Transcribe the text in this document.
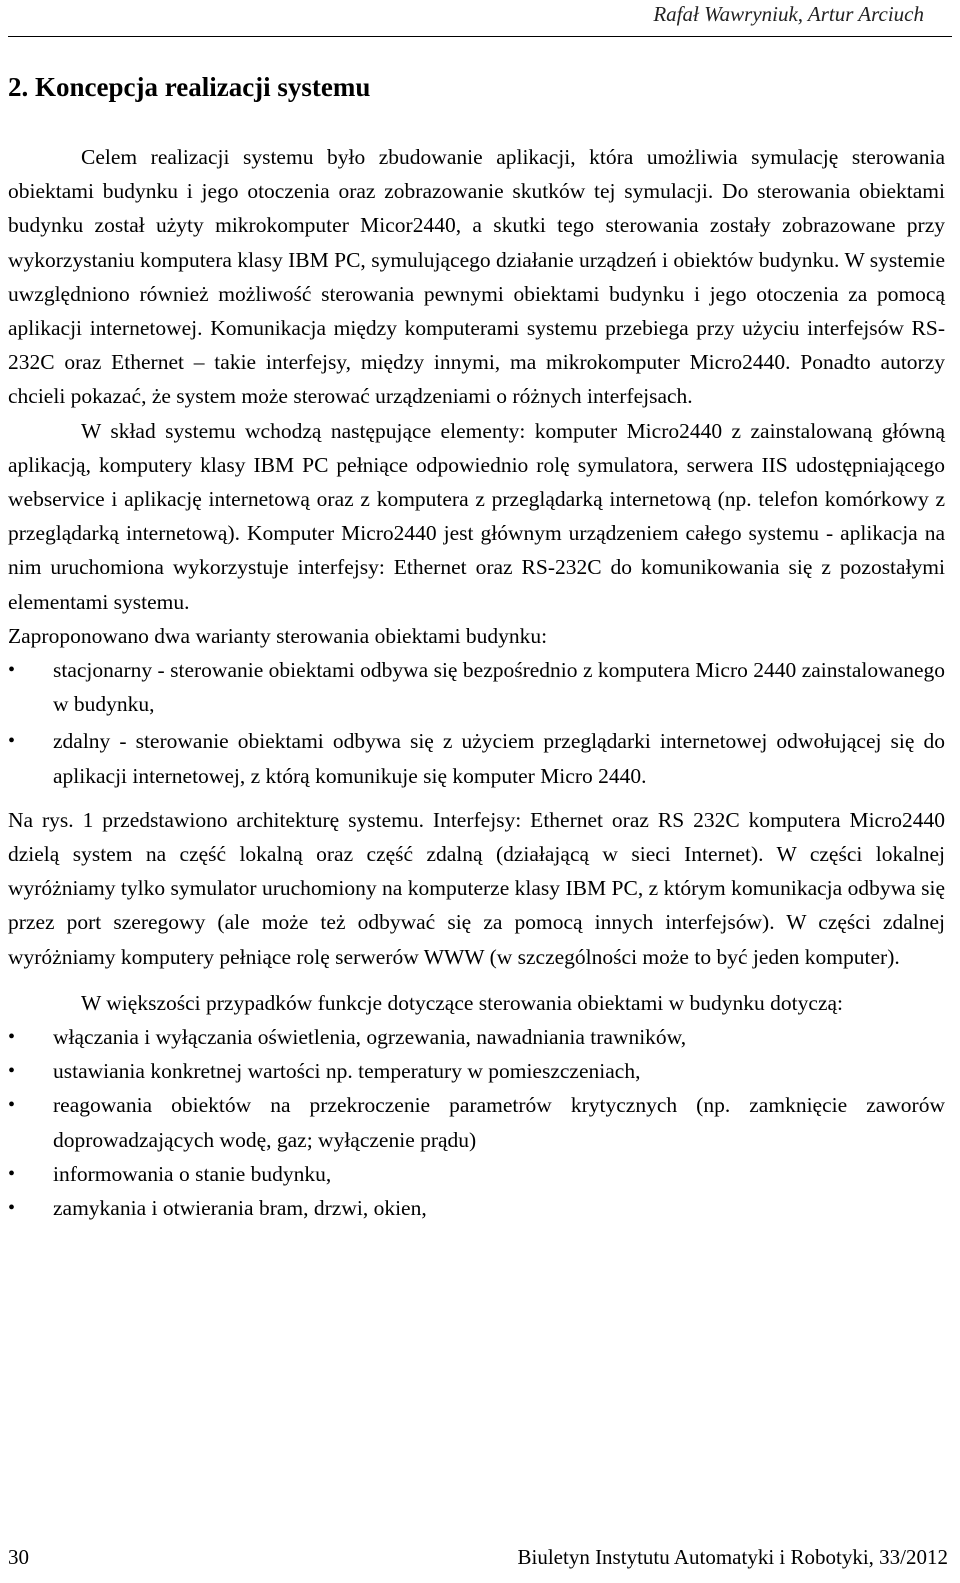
Rafał Wawryniuk, Artur Arciuch
2. Koncepcja realizacji systemu

Celem realizacji systemu było zbudowanie aplikacji, która umożliwia symulację sterowania obiektami budynku i jego otoczenia oraz zobrazowanie skutków tej symulacji. Do sterowania obiektami budynku został użyty mikrokomputer Micor2440, a skutki tego sterowania zostały zobrazowane przy wykorzystaniu komputera klasy IBM PC, symulującego działanie urządzeń i obiektów budynku. W systemie uwzględniono również możliwość sterowania pewnymi obiektami budynku i jego otoczenia za pomocą aplikacji internetowej. Komunikacja między komputerami systemu przebiega przy użyciu interfejsów RS-232C oraz Ethernet – takie interfejsy, między innymi, ma mikrokomputer Micro2440. Ponadto autorzy chcieli pokazać, że system może sterować urządzeniami o różnych interfejsach.

W skład systemu wchodzą następujące elementy: komputer Micro2440 z zainstalowaną główną aplikacją, komputery klasy IBM PC pełniące odpowiednio rolę symulatora, serwera IIS udostępniającego webservice i aplikację internetową oraz z komputera z przeglądarką internetową (np. telefon komórkowy z przeglądarką internetową). Komputer Micro2440 jest głównym urządzeniem całego systemu - aplikacja na nim uruchomiona wykorzystuje interfejsy: Ethernet oraz RS-232C do komunikowania się z pozostałymi elementami systemu.

Zaproponowano dwa warianty sterowania obiektami budynku:

• stacjonarny - sterowanie obiektami odbywa się bezpośrednio z komputera Micro 2440 zainstalowanego w budynku,
• zdalny - sterowanie obiektami odbywa się z użyciem przeglądarki internetowej odwołującej się do aplikacji internetowej, z którą komunikuje się komputer Micro 2440.

Na rys. 1 przedstawiono architekturę systemu. Interfejsy: Ethernet oraz RS 232C komputera Micro2440 dzielą system na część lokalną oraz część zdalną (działającą w sieci Internet). W części lokalnej wyróżniamy tylko symulator uruchomiony na komputerze klasy IBM PC, z którym komunikacja odbywa się przez port szeregowy (ale może też odbywać się za pomocą innych interfejsów). W części zdalnej wyróżniamy komputery pełniące rolę serwerów WWW (w szczególności może to być jeden komputer).

W większości przypadków funkcje dotyczące sterowania obiektami w budynku dotyczą:

• włączania i wyłączania oświetlenia, ogrzewania, nawadniania trawników,
• ustawiania konkretnej wartości np. temperatury w pomieszczeniach,
• reagowania obiektów na przekroczenie parametrów krytycznych (np. zamknięcie zaworów doprowadzających wodę, gaz; wyłączenie prądu)
• informowania o stanie budynku,
• zamykania i otwierania bram, drzwi, okien,
30	Biuletyn Instytutu Automatyki i Robotyki, 33/2012
